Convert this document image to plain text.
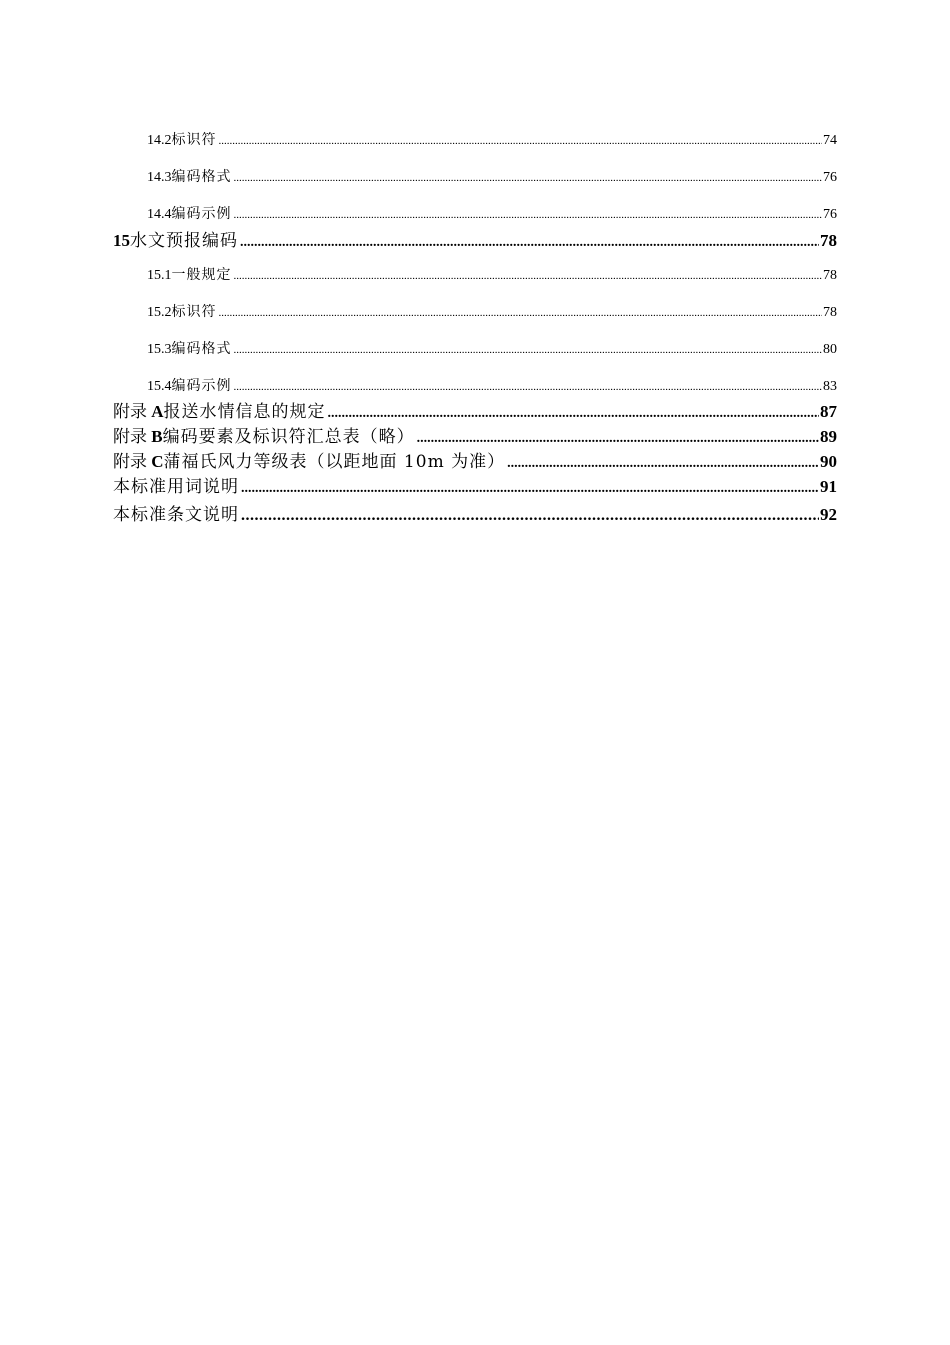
14.2 标识符 .....	74
14.3 编码格式 .....	76
14.4 编码示例 .....	76
15 水文预报编码 .....	78
15.1 一般规定 .....	78
15.2 标识符 .....	78
15.3 编码格式 .....	80
15.4 编码示例 .....	83
附录 A 报送水情信息的规定 .....	87
附录 B 编码要素及标识符汇总表（略） .....	89
附录 C 蒲福氏风力等级表（以距地面 10m 为准） .....	90
本标准用词说明 .....	91
本标准条文说明 .....	92
